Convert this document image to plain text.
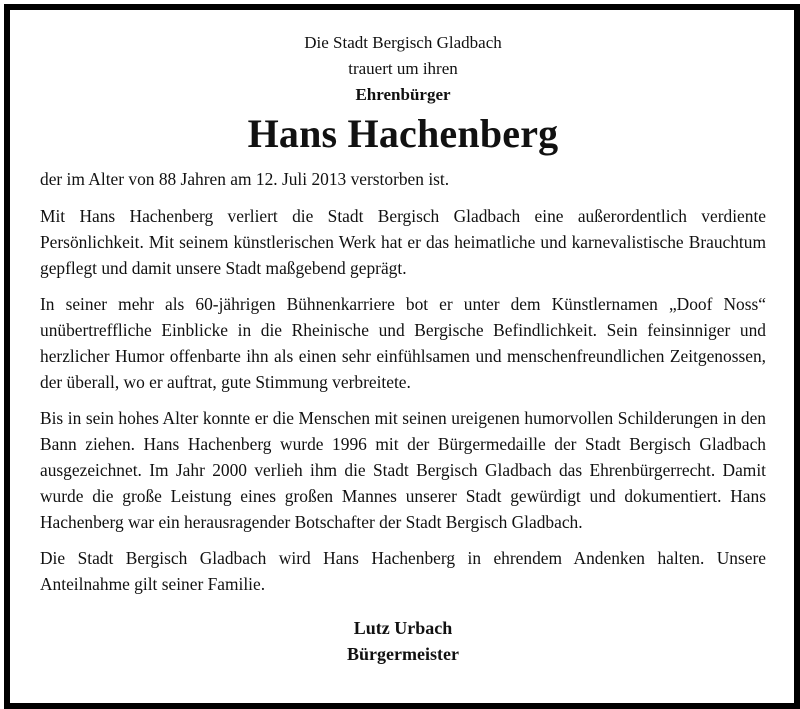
Die Stadt Bergisch Gladbach
trauert um ihren
Ehrenbürger
Hans Hachenberg

der im Alter von 88 Jahren am 12. Juli 2013 verstorben ist.

Mit Hans Hachenberg verliert die Stadt Bergisch Gladbach eine außerordentlich verdiente Persönlichkeit. Mit seinem künstlerischen Werk hat er das heimatliche und karnevalistische Brauchtum gepflegt und damit unsere Stadt maßgebend geprägt.

In seiner mehr als 60-jährigen Bühnenkarriere bot er unter dem Künstlernamen „Doof Noss“ unübertreffliche Einblicke in die Rheinische und Bergische Befindlichkeit. Sein feinsinniger und herzlicher Humor offenbarte ihn als einen sehr einfühlsamen und menschenfreundlichen Zeitgenossen, der überall, wo er auftrat, gute Stimmung verbreitete.

Bis in sein hohes Alter konnte er die Menschen mit seinen ureigenen humorvollen Schilderungen in den Bann ziehen. Hans Hachenberg wurde 1996 mit der Bürgermedaille der Stadt Bergisch Gladbach ausgezeichnet. Im Jahr 2000 verlieh ihm die Stadt Bergisch Gladbach das Ehrenbürgerrecht. Damit wurde die große Leistung eines großen Mannes unserer Stadt gewürdigt und dokumentiert. Hans Hachenberg war ein herausragender Botschafter der Stadt Bergisch Gladbach.

Die Stadt Bergisch Gladbach wird Hans Hachenberg in ehrendem Andenken halten. Unsere Anteilnahme gilt seiner Familie.

Lutz Urbach
Bürgermeister
